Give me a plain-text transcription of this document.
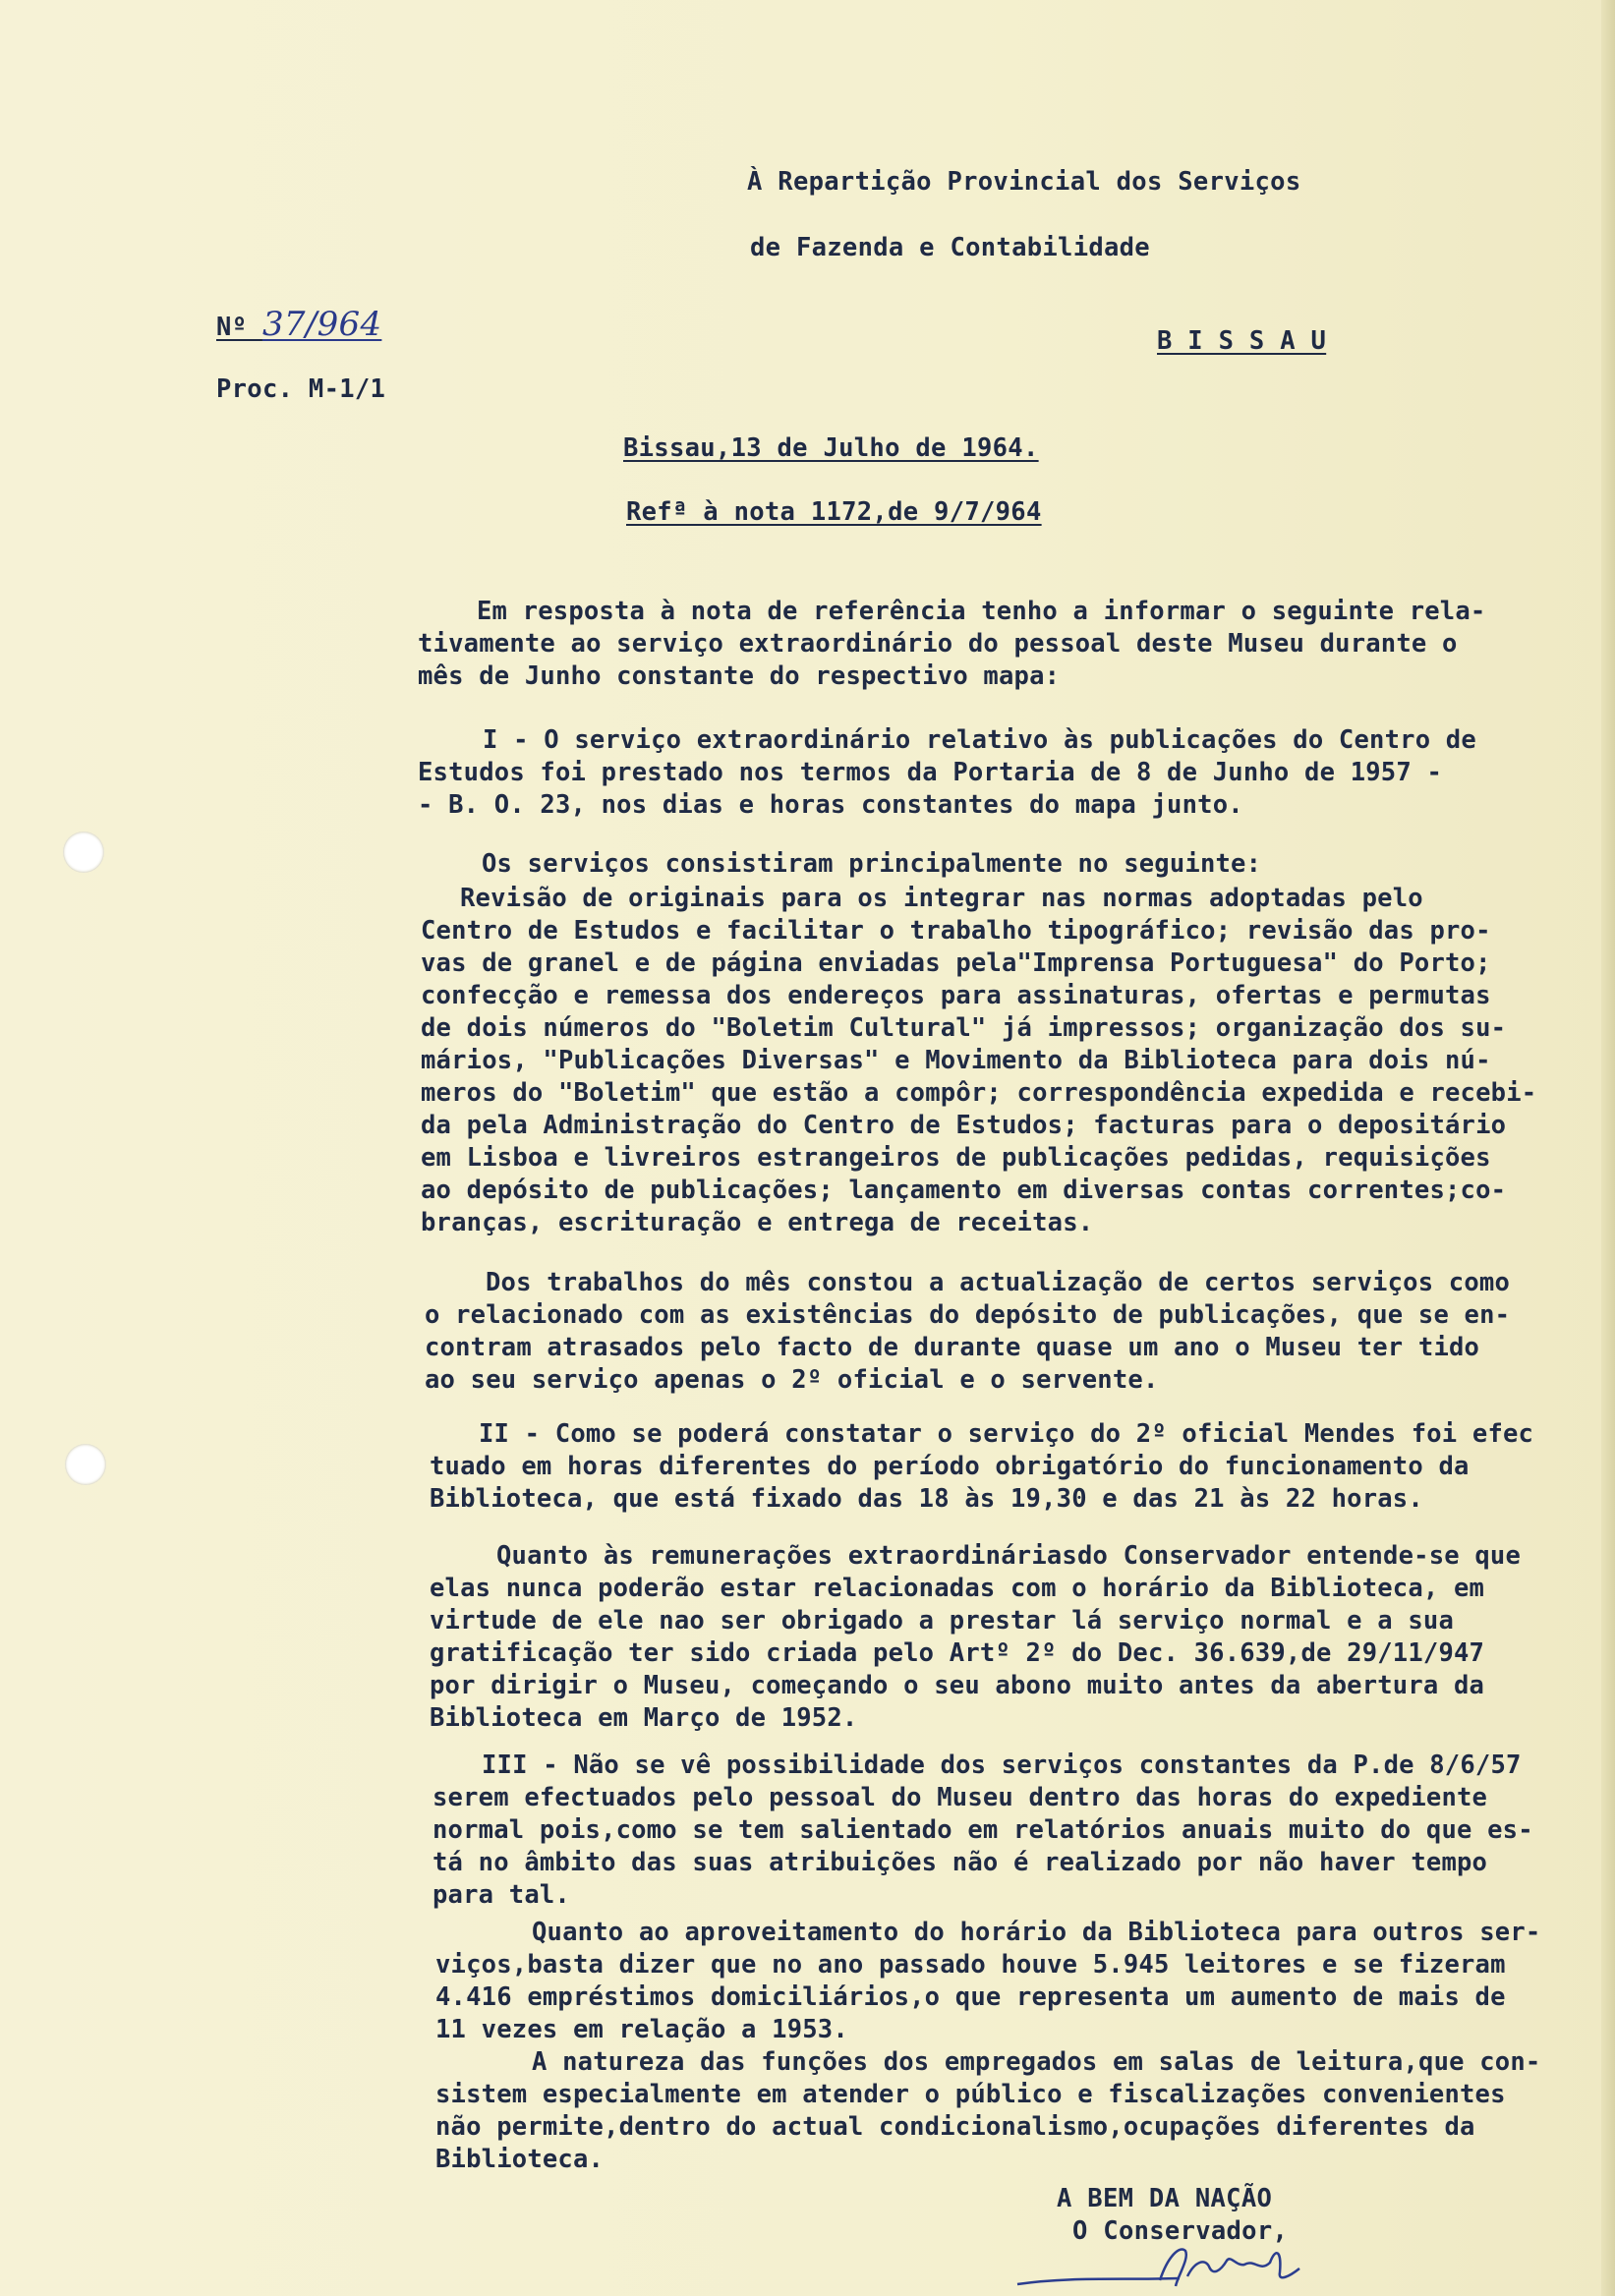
À Repartição Provincial dos Serviços

de Fazenda e Contabilidade

Nº 37/964	B I S S A U

Proc. M-1/1

Bissau,13 de Julho de 1964.

Refª à nota 1172,de 9/7/964

Em resposta à nota de referência tenho a informar o seguinte rela-
tivamente ao serviço extraordinário do pessoal deste Museu durante o
mês de Junho constante do respectivo mapa:
I - O serviço extraordinário relativo às publicações do Centro de
Estudos foi prestado nos termos da Portaria de 8 de Junho de 1957 -
- B. O. 23, nos dias e horas constantes do mapa junto.
Os serviços consistiram principalmente no seguinte:
Revisão de originais para os integrar nas normas adoptadas pelo
Centro de Estudos e facilitar o trabalho tipográfico; revisão das pro-
vas de granel e de página enviadas pela"Imprensa Portuguesa" do Porto;
confecção e remessa dos endereços para assinaturas, ofertas e permutas
de dois números do "Boletim Cultural" já impressos; organização dos su-
mários, "Publicações Diversas" e Movimento da Biblioteca para dois nú-
meros do "Boletim" que estão a compôr; correspondência expedida e recebi-
da pela Administração do Centro de Estudos; facturas para o depositário
em Lisboa e livreiros estrangeiros de publicações pedidas, requisições
ao depósito de publicações; lançamento em diversas contas correntes;co-
branças, escrituração e entrega de receitas.
Dos trabalhos do mês constou a actualização de certos serviços como
o relacionado com as existências do depósito de publicações, que se en-
contram atrasados pelo facto de durante quase um ano o Museu ter tido
ao seu serviço apenas o 2º oficial e o servente.
II - Como se poderá constatar o serviço do 2º oficial Mendes foi efec
tuado em horas diferentes do período obrigatório do funcionamento da
Biblioteca, que está fixado das 18 às 19,30 e das 21 às 22 horas.
Quanto às remunerações extraordináriasdo Conservador entende-se que
elas nunca poderão estar relacionadas com o horário da Biblioteca, em
virtude de ele nao ser obrigado a prestar lá serviço normal e a sua
gratificação ter sido criada pelo Artº 2º do Dec. 36.639,de 29/11/947
por dirigir o Museu, começando o seu abono muito antes da abertura da
Biblioteca em Março de 1952.
III - Não se vê possibilidade dos serviços constantes da P.de 8/6/57
serem efectuados pelo pessoal do Museu dentro das horas do expediente
normal pois,como se tem salientado em relatórios anuais muito do que es-
tá no âmbito das suas atribuições não é realizado por não haver tempo
para tal.
Quanto ao aproveitamento do horário da Biblioteca para outros ser-
viços,basta dizer que no ano passado houve 5.945 leitores e se fizeram
4.416 empréstimos domiciliários,o que representa um aumento de mais de
11 vezes em relação a 1953.
A natureza das funções dos empregados em salas de leitura,que con-
sistem especialmente em atender o público e fiscalizações convenientes
não permite,dentro do actual condicionalismo,ocupações diferentes da
Biblioteca.

A BEM DA NAÇÃO

O Conservador,
